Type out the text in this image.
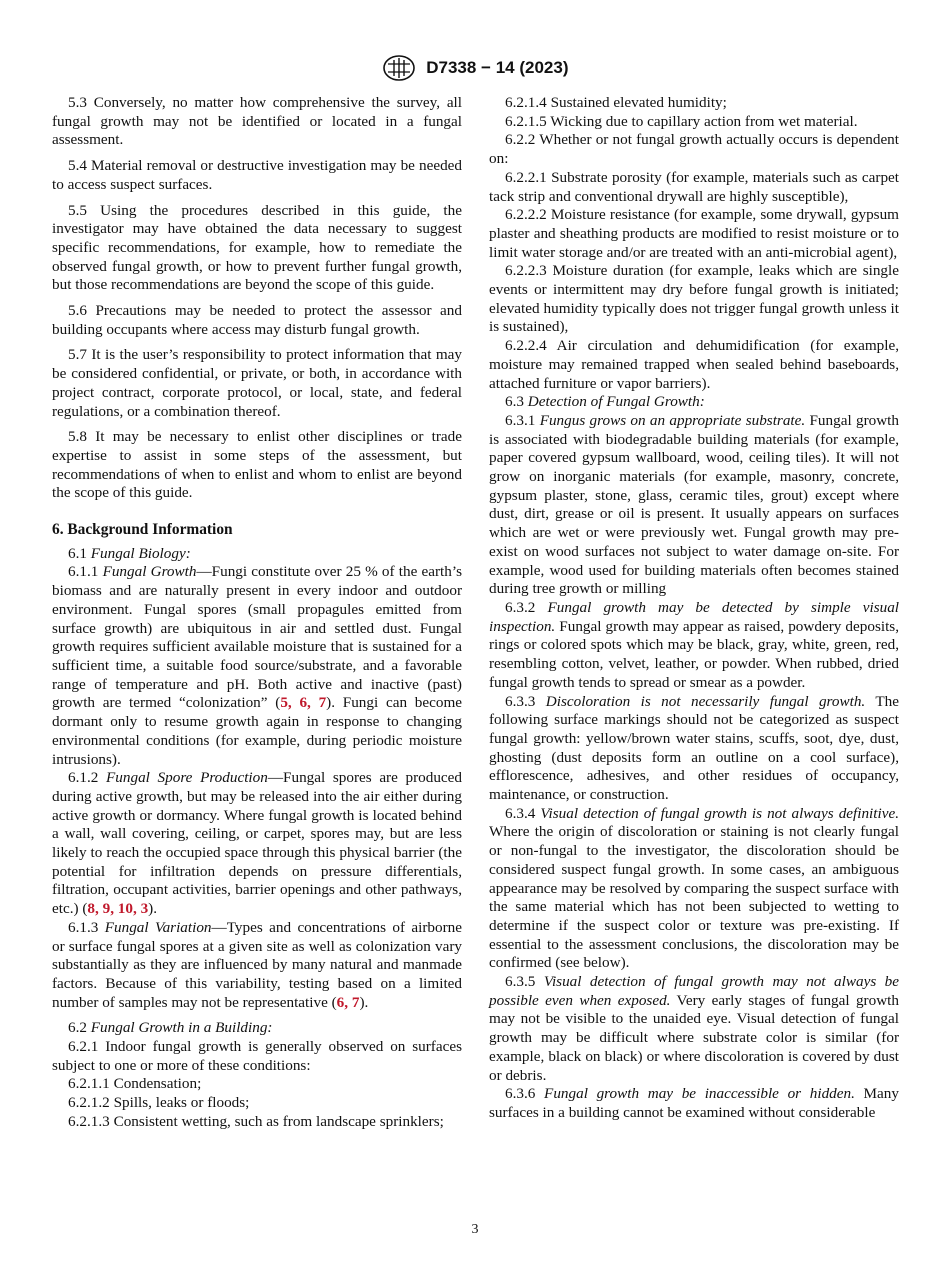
D7338 − 14 (2023)

5.3 Conversely, no matter how comprehensive the survey, all fungal growth may not be identified or located in a fungal assessment.

5.4 Material removal or destructive investigation may be needed to access suspect surfaces.

5.5 Using the procedures described in this guide, the investigator may have obtained the data necessary to suggest specific recommendations, for example, how to remediate the observed fungal growth, or how to prevent further fungal growth, but those recommendations are beyond the scope of this guide.

5.6 Precautions may be needed to protect the assessor and building occupants where access may disturb fungal growth.

5.7 It is the user’s responsibility to protect information that may be considered confidential, or private, or both, in accordance with project contract, corporate protocol, or local, state, and federal regulations, or a combination thereof.

5.8 It may be necessary to enlist other disciplines or trade expertise to assist in some steps of the assessment, but recommendations of when to enlist and whom to enlist are beyond the scope of this guide.

6. Background Information

6.1 Fungal Biology:

6.1.1 Fungal Growth—Fungi constitute over 25 % of the earth’s biomass and are naturally present in every indoor and outdoor environment. Fungal spores (small propagules emitted from surface growth) are ubiquitous in air and settled dust. Fungal growth requires sufficient available moisture that is sustained for a sufficient time, a suitable food source/substrate, and a favorable range of temperature and pH. Both active and inactive (past) growth are termed “colonization” (5, 6, 7). Fungi can become dormant only to resume growth again in response to changing environmental conditions (for example, during periodic moisture intrusions).

6.1.2 Fungal Spore Production—Fungal spores are produced during active growth, but may be released into the air either during active growth or dormancy. Where fungal growth is located behind a wall, wall covering, ceiling, or carpet, spores may, but are less likely to reach the occupied space through this physical barrier (the potential for infiltration depends on pressure differentials, filtration, occupant activities, barrier openings and other pathways, etc.) (8, 9, 10, 3).

6.1.3 Fungal Variation—Types and concentrations of airborne or surface fungal spores at a given site as well as colonization vary substantially as they are influenced by many natural and manmade factors. Because of this variability, testing based on a limited number of samples may not be representative (6, 7).

6.2 Fungal Growth in a Building:

6.2.1 Indoor fungal growth is generally observed on surfaces subject to one or more of these conditions:

6.2.1.1 Condensation;

6.2.1.2 Spills, leaks or floods;

6.2.1.3 Consistent wetting, such as from landscape sprinklers;

6.2.1.4 Sustained elevated humidity;

6.2.1.5 Wicking due to capillary action from wet material.

6.2.2 Whether or not fungal growth actually occurs is dependent on:

6.2.2.1 Substrate porosity (for example, materials such as carpet tack strip and conventional drywall are highly susceptible),

6.2.2.2 Moisture resistance (for example, some drywall, gypsum plaster and sheathing products are modified to resist moisture or to limit water storage and/or are treated with an anti-microbial agent),

6.2.2.3 Moisture duration (for example, leaks which are single events or intermittent may dry before fungal growth is initiated; elevated humidity typically does not trigger fungal growth unless it is sustained),

6.2.2.4 Air circulation and dehumidification (for example, moisture may remained trapped when sealed behind baseboards, attached furniture or vapor barriers).

6.3 Detection of Fungal Growth:

6.3.1 Fungus grows on an appropriate substrate. Fungal growth is associated with biodegradable building materials (for example, paper covered gypsum wallboard, wood, ceiling tiles). It will not grow on inorganic materials (for example, masonry, concrete, gypsum plaster, stone, glass, ceramic tiles, grout) except where dust, dirt, grease or oil is present. It usually appears on surfaces which are wet or were previously wet. Fungal growth may pre-exist on wood surfaces not subject to water damage on-site. For example, wood used for building materials often becomes stained during tree growth or milling

6.3.2 Fungal growth may be detected by simple visual inspection. Fungal growth may appear as raised, powdery deposits, rings or colored spots which may be black, gray, white, green, red, resembling cotton, velvet, leather, or powder. When rubbed, dried fungal growth tends to spread or smear as a powder.

6.3.3 Discoloration is not necessarily fungal growth. The following surface markings should not be categorized as suspect fungal growth: yellow/brown water stains, scuffs, soot, dye, dust, ghosting (dust deposits form an outline on a cool surface), efflorescence, adhesives, and other residues of occupancy, maintenance, or construction.

6.3.4 Visual detection of fungal growth is not always definitive. Where the origin of discoloration or staining is not clearly fungal or non-fungal to the investigator, the discoloration should be considered suspect fungal growth. In some cases, an ambiguous appearance may be resolved by comparing the suspect surface with the same material which has not been subjected to wetting to determine if the suspect color or texture was pre-existing. If essential to the assessment conclusions, the discoloration may be confirmed (see below).

6.3.5 Visual detection of fungal growth may not always be possible even when exposed. Very early stages of fungal growth may not be visible to the unaided eye. Visual detection of fungal growth may be difficult where substrate color is similar (for example, black on black) or where discoloration is covered by dust or debris.

6.3.6 Fungal growth may be inaccessible or hidden. Many surfaces in a building cannot be examined without considerable

3
